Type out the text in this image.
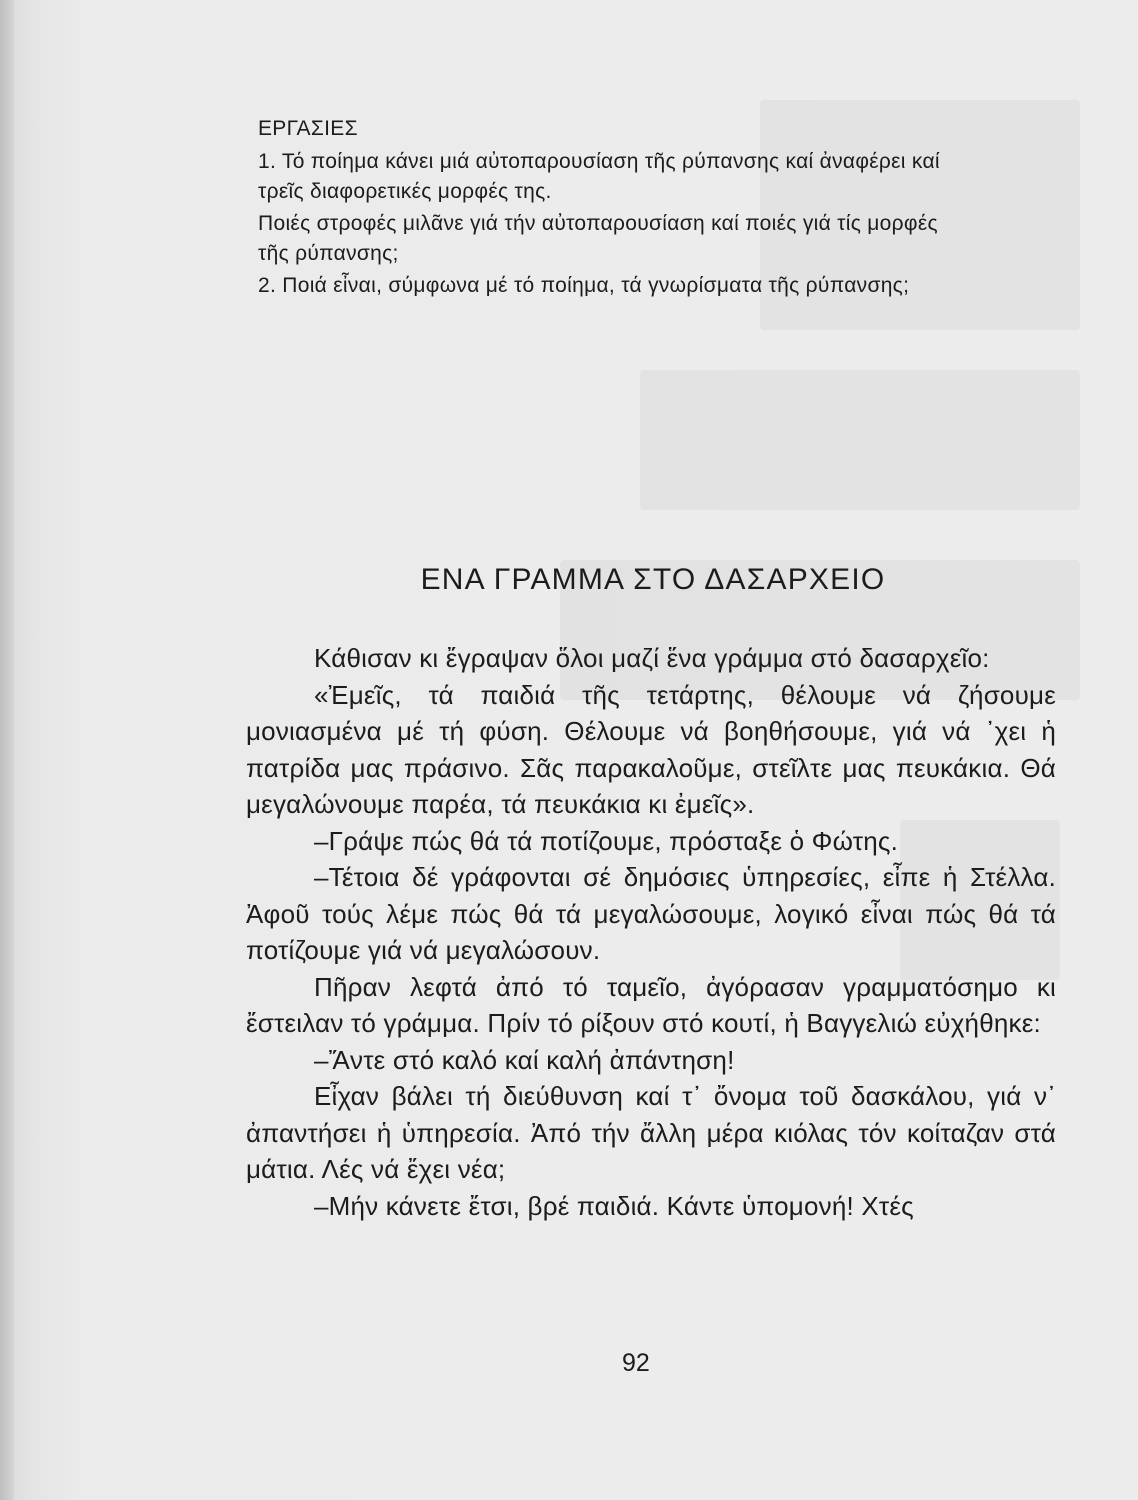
ΕΡΓΑΣΙΕΣ

1. Τό ποίημα κάνει μιά αὐτοπαρουσίαση τῆς ρύπανσης καί ἀναφέρει καί

τρεῖς διαφορετικές μορφές της.

Ποιές στροφές μιλᾶνε γιά τήν αὐτοπαρουσίαση καί ποιές γιά τίς μορφές

τῆς ρύπανσης;

2. Ποιά εἶναι, σύμφωνα μέ τό ποίημα, τά γνωρίσματα τῆς ρύπανσης;

ΕΝΑ ΓΡΑΜΜΑ ΣΤΟ ΔΑΣΑΡΧΕΙΟ

Κάθισαν κι ἔγραψαν ὅλοι μαζί ἕνα γράμμα στό δασαρχεῖο:

«Ἐμεῖς, τά παιδιά τῆς τετάρτης, θέλουμε νά ζήσουμε μονιασμένα μέ τή φύση. Θέλουμε νά βοηθήσουμε, γιά νά ᾽χει ἡ πατρίδα μας πράσινο. Σᾶς παρακαλοῦμε, στεῖλτε μας πευκάκια. Θά μεγαλώνουμε παρέα, τά πευκάκια κι ἐμεῖς».

–Γράψε πώς θά τά ποτίζουμε, πρόσταξε ὁ Φώτης.

–Τέτοια δέ γράφονται σέ δημόσιες ὑπηρεσίες, εἶπε ἡ Στέλλα. Ἀφοῦ τούς λέμε πώς θά τά μεγαλώσουμε, λογικό εἶναι πώς θά τά ποτίζουμε γιά νά μεγαλώσουν.

Πῆραν λεφτά ἀπό τό ταμεῖο, ἀγόρασαν γραμματόσημο κι ἔστειλαν τό γράμμα. Πρίν τό ρίξουν στό κουτί, ἡ Βαγγελιώ εὐχήθηκε:

–Ἄντε στό καλό καί καλή ἀπάντηση!

Εἶχαν βάλει τή διεύθυνση καί τ᾽ ὄνομα τοῦ δασκάλου, γιά ν᾽ ἀπαντήσει ἡ ὑπηρεσία. Ἀπό τήν ἄλλη μέρα κιόλας τόν κοίταζαν στά μάτια. Λές νά ἔχει νέα;

–Μήν κάνετε ἔτσι, βρέ παιδιά. Κάντε ὑπομονή! Χτές

92
